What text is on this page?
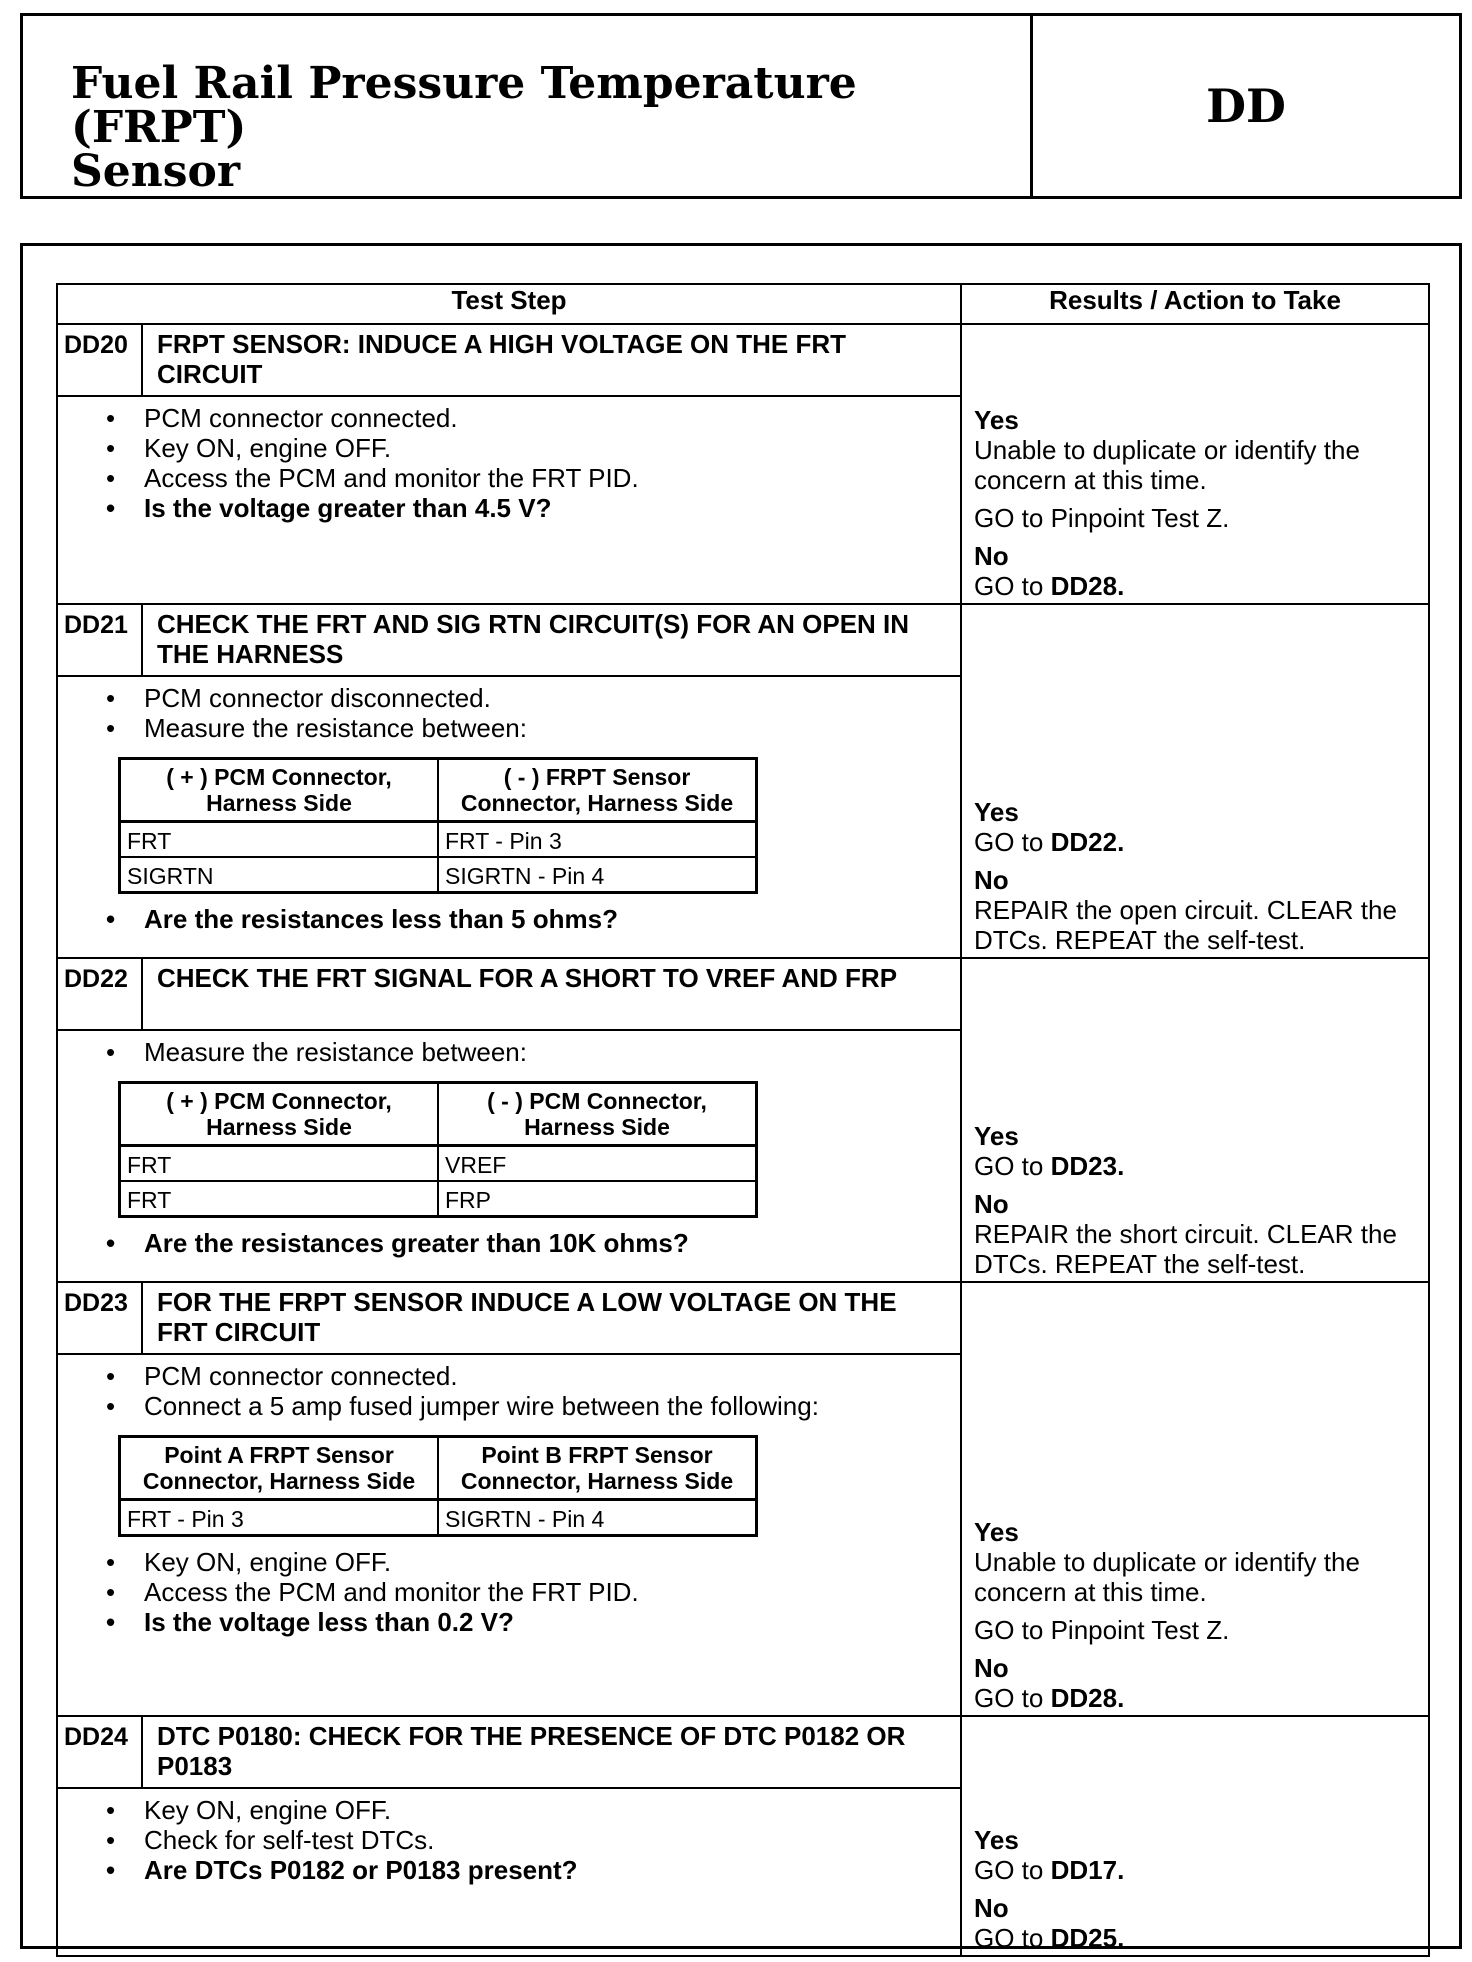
Fuel Rail Pressure Temperature (FRPT)
Sensor
DD
Test Step	Results / Action to Take
DD20	FRPT SENSOR: INDUCE A HIGH VOLTAGE ON THE FRT CIRCUIT	
Yes
Unable to duplicate or identify the concern at this time.
GO to Pinpoint Test Z.
No
GO to DD28.

• PCM connector connected.
• Key ON, engine OFF.
• Access the PCM and monitor the FRT PID.
• Is the voltage greater than 4.5 V?

DD21	CHECK THE FRT AND SIG RTN CIRCUIT(S) FOR AN OPEN IN THE HARNESS	
Yes
GO to DD22.
No
REPAIR the open circuit. CLEAR the DTCs. REPEAT the self-test.

• PCM connector disconnected.
• Measure the resistance between:
( + ) PCM Connector, Harness Side	( - ) FRPT Sensor Connector, Harness Side
FRT	FRT - Pin 3
SIGRTN	SIGRTN - Pin 4
• Are the resistances less than 5 ohms?

DD22	CHECK THE FRT SIGNAL FOR A SHORT TO VREF AND FRP	
Yes
GO to DD23.
No
REPAIR the short circuit. CLEAR the DTCs. REPEAT the self-test.

• Measure the resistance between:
( + ) PCM Connector, Harness Side	( - ) PCM Connector, Harness Side
FRT	VREF
FRT	FRP
• Are the resistances greater than 10K ohms?

DD23	FOR THE FRPT SENSOR INDUCE A LOW VOLTAGE ON THE FRT CIRCUIT	
Yes
Unable to duplicate or identify the concern at this time.
GO to Pinpoint Test Z.
No
GO to DD28.

• PCM connector connected.
• Connect a 5 amp fused jumper wire between the following:
Point A FRPT Sensor Connector, Harness Side	Point B FRPT Sensor Connector, Harness Side
FRT - Pin 3	SIGRTN - Pin 4
• Key ON, engine OFF.
• Access the PCM and monitor the FRT PID.
• Is the voltage less than 0.2 V?

DD24	DTC P0180: CHECK FOR THE PRESENCE OF DTC P0182 OR P0183	
Yes
GO to DD17.
No
GO to DD25.

• Key ON, engine OFF.
• Check for self-test DTCs.
• Are DTCs P0182 or P0183 present?
